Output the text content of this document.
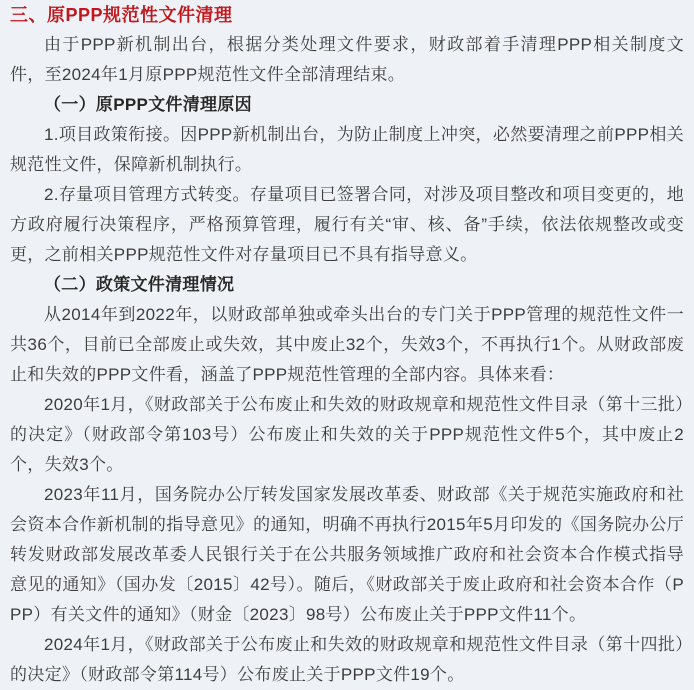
三、原PPP规范性文件清理

由于PPP新机制出台，根据分类处理文件要求，财政部着手清理PPP相关制度文件，至2024年1月原PPP规范性文件全部清理结束。

（一）原PPP文件清理原因

1.项目政策衔接。因PPP新机制出台，为防止制度上冲突，必然要清理之前PPP相关规范性文件，保障新机制执行。

2.存量项目管理方式转变。存量项目已签署合同，对涉及项目整改和项目变更的，地方政府履行决策程序，严格预算管理，履行有关“审、核、备”手续，依法依规整改或变更，之前相关PPP规范性文件对存量项目已不具有指导意义。

（二）政策文件清理情况

从2014年到2022年，以财政部单独或牵头出台的专门关于PPP管理的规范性文件一共36个，目前已全部废止或失效，其中废止32个，失效3个，不再执行1个。从财政部废止和失效的PPP文件看，涵盖了PPP规范性管理的全部内容。具体来看：

2020年1月，《财政部关于公布废止和失效的财政规章和规范性文件目录（第十三批）的决定》（财政部令第103号）公布废止和失效的关于PPP规范性文件5个，其中废止2个，失效3个。

2023年11月，国务院办公厅转发国家发展改革委、财政部《关于规范实施政府和社会资本合作新机制的指导意见》的通知，明确不再执行2015年5月印发的《国务院办公厅转发财政部发展改革委人民银行关于在公共服务领域推广政府和社会资本合作模式指导意见的通知》（国办发〔2015〕42号）。随后，《财政部关于废止政府和社会资本合作（PPP）有关文件的通知》（财金〔2023〕98号）公布废止关于PPP文件11个。

2024年1月，《财政部关于公布废止和失效的财政规章和规范性文件目录（第十四批）的决定》（财政部令第114号）公布废止关于PPP文件19个。
